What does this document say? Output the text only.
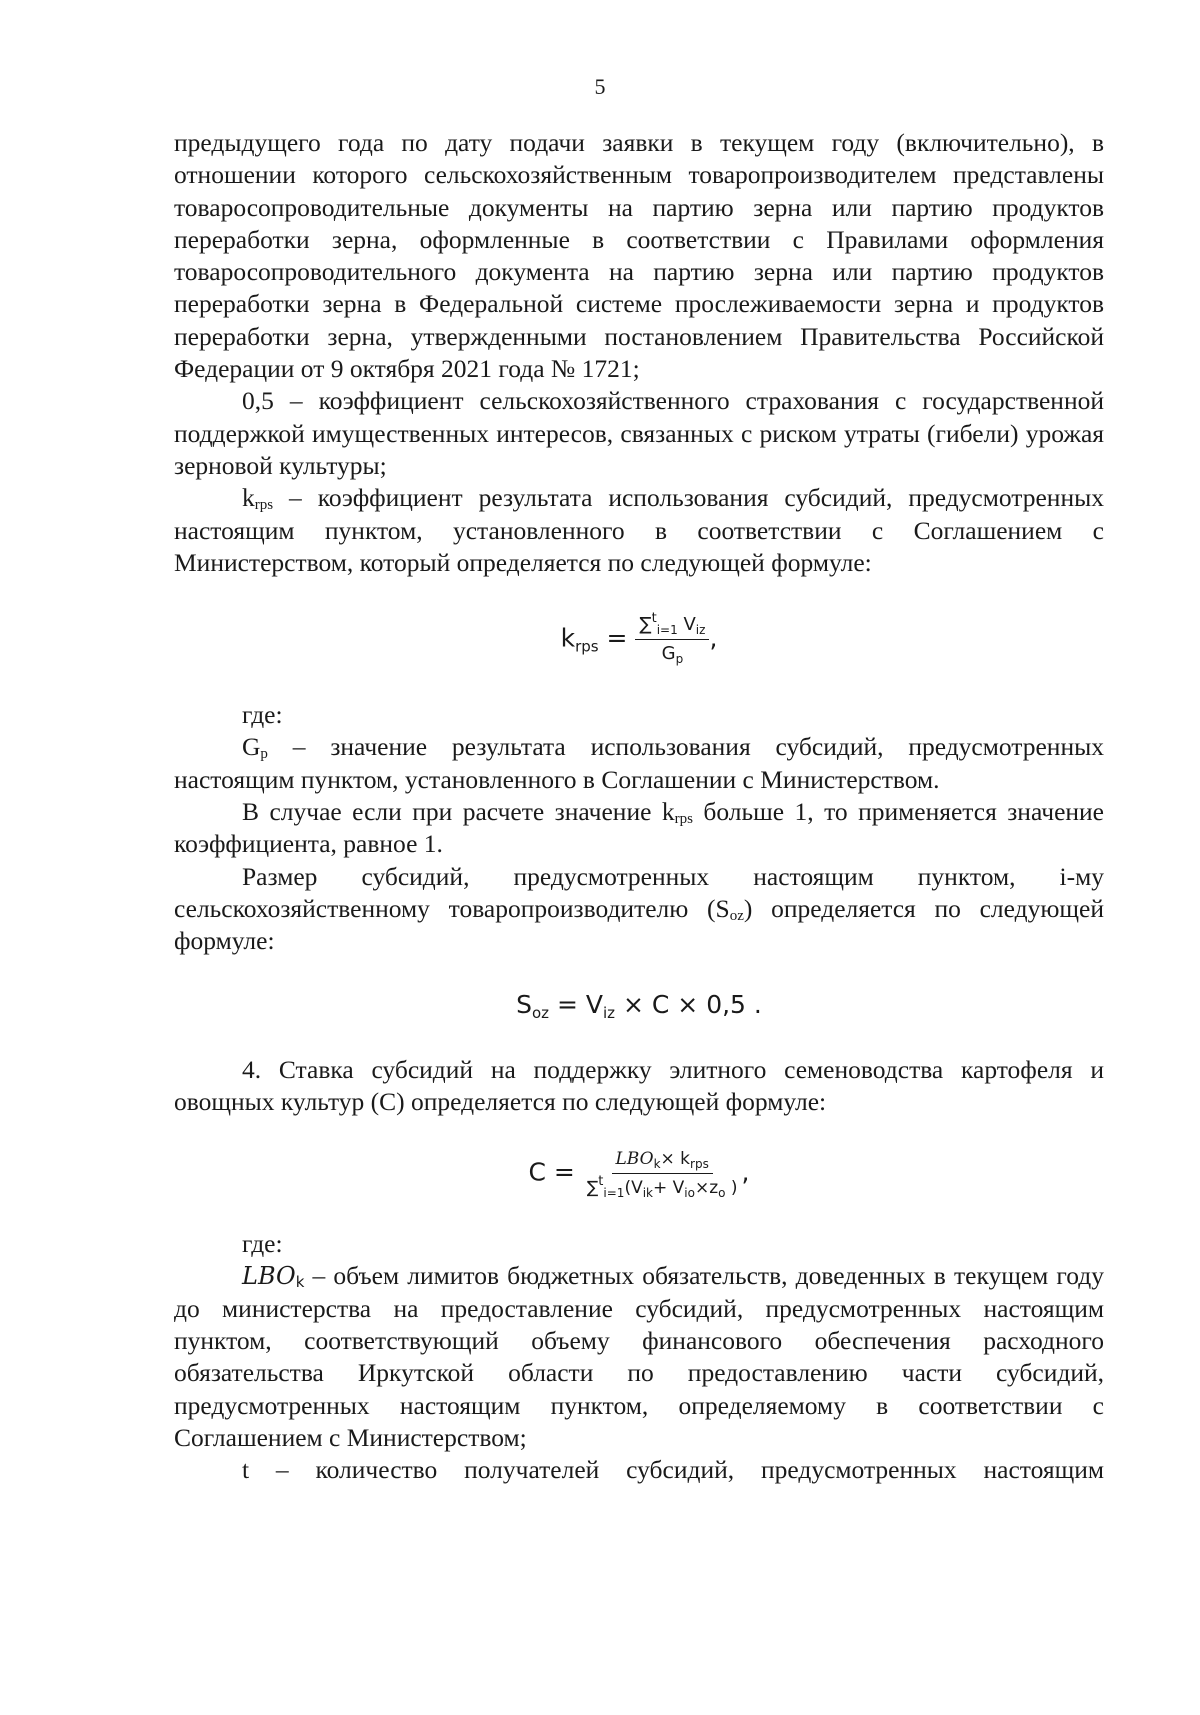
5

предыдущего года по дату подачи заявки в текущем году (включительно), в отношении которого сельскохозяйственным товаропроизводителем представлены товаросопроводительные документы на партию зерна или партию продуктов переработки зерна, оформленные в соответствии с Правилами оформления товаросопроводительного документа на партию зерна или партию продуктов переработки зерна в Федеральной системе прослеживаемости зерна и продуктов переработки зерна, утвержденными постановлением Правительства Российской Федерации от 9 октября 2021 года № 1721;

0,5 – коэффициент сельскохозяйственного страхования с государственной поддержкой имущественных интересов, связанных с риском утраты (гибели) урожая зерновой культуры;

$k_{rps}$ – коэффициент результата использования субсидий, предусмотренных настоящим пунктом, установленного в соответствии с Соглашением с Министерством, который определяется по следующей формуле:

$k_{rps} = \frac{\sum^t_{i=1} V_{iz}}{G_p}$ ,

где:

$G_p$ – значение результата использования субсидий, предусмотренных настоящим пунктом, установленного в Соглашении с Министерством.

В случае если при расчете значение $k_{rps}$ больше 1, то применяется значение коэффициента, равное 1.

Размер субсидий, предусмотренных настоящим пунктом, i-му сельскохозяйственному товаропроизводителю $(S_{oz})$ определяется по следующей формуле:

$S_{oz} = V_{iz} \times C \times 0,5$ .

4. Ставка субсидий на поддержку элитного семеноводства картофеля и овощных культур (С) определяется по следующей формуле:

$C = \frac{LBO_k\times k_{rps}}{\sum^t_{i=1}(V_{ik}+ V_{io}\times z_o )}$ ,

где:

$LBO_k$ – объем лимитов бюджетных обязательств, доведенных в текущем году до министерства на предоставление субсидий, предусмотренных настоящим пунктом, соответствующий объему финансового обеспечения расходного обязательства Иркутской области по предоставлению части субсидий, предусмотренных настоящим пунктом, определяемому в соответствии с Соглашением с Министерством;

t – количество получателей субсидий, предусмотренных настоящим
